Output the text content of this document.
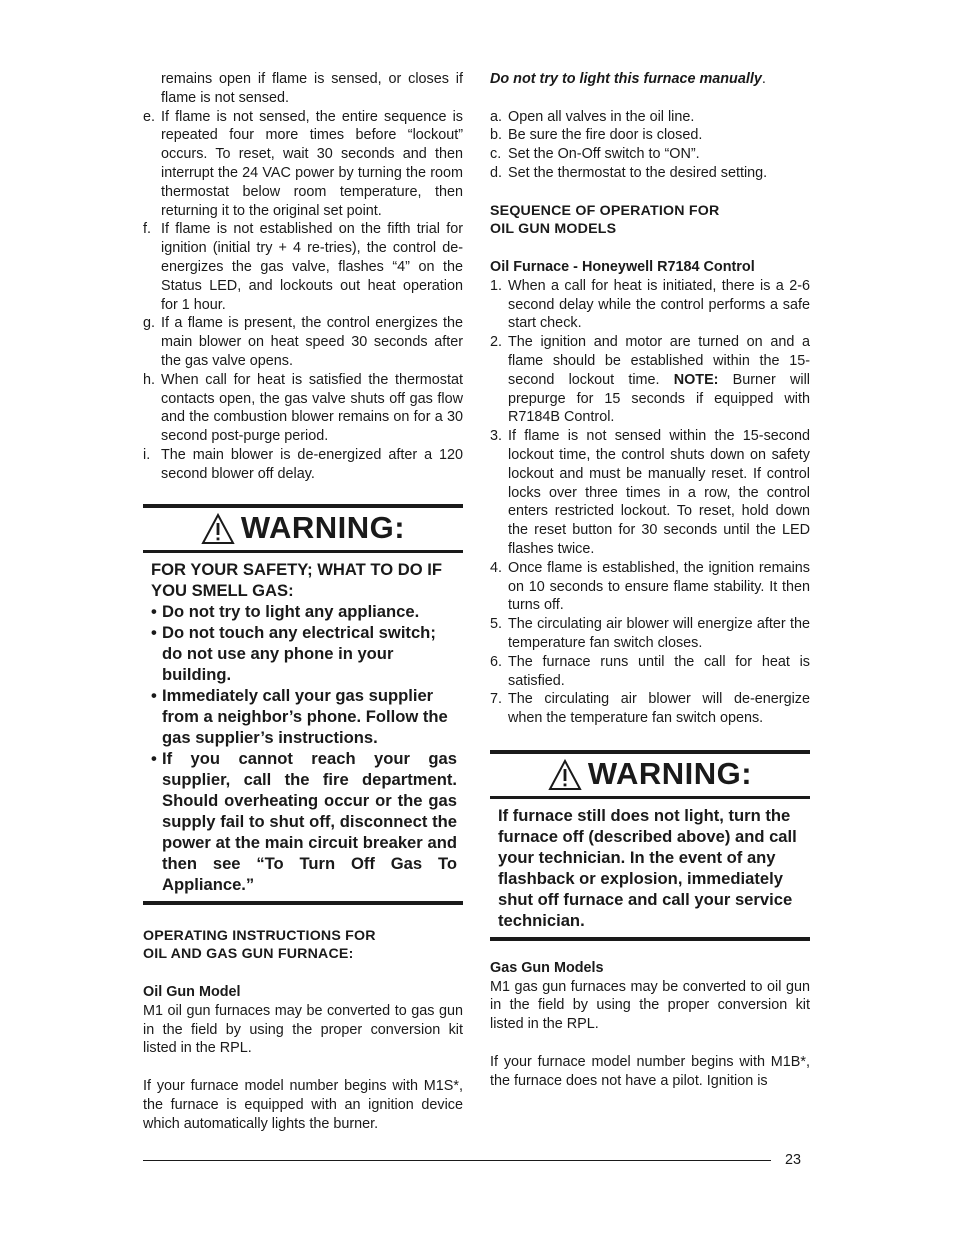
remains open if flame is sensed, or closes if flame is not sensed.

e. If flame is not sensed, the entire sequence is repeated four more times before “lockout” occurs. To reset, wait 30 seconds and then interrupt the 24 VAC power by turning the room thermostat below room temperature, then returning it to the original set point.
f. If flame is not established on the fifth trial for ignition (initial try + 4 re-tries), the control de-energizes the gas valve, flashes “4” on the Status LED, and lockouts out heat operation for 1 hour.
g. If a flame is present, the control energizes the main blower on heat speed 30 seconds after the gas valve opens.
h. When call for heat is satisfied the thermostat contacts open, the gas valve shuts off gas flow and the combustion blower remains on for a 30 second post-purge period.
i. The main blower is de-energized after a 120 second blower off delay.
WARNING:
FOR YOUR SAFETY; WHAT TO DO IF YOU SMELL GAS:
• Do not try to light any appliance.
• Do not touch any electrical switch; do not use any phone in your building.
• Immediately call your gas supplier from a neighbor’s phone. Follow the gas supplier’s instructions.
• If you cannot reach your gas supplier, call the fire department. Should overheating occur or the gas supply fail to shut off, disconnect the power at the main circuit breaker and then see “To Turn Off Gas To Appliance.”
OPERATING INSTRUCTIONS FOR
OIL AND GAS GUN FURNACE:
Oil Gun Model

M1 oil gun furnaces may be converted to gas gun in the field by using the proper conversion kit listed in the RPL.

If your furnace model number begins with M1S*, the furnace is equipped with an ignition device which automatically lights the burner.

Do not try to light this furnace manually.

a. Open all valves in the oil line.
b. Be sure the fire door is closed.
c. Set the On-Off switch to “ON”.
d. Set the thermostat to the desired setting.
SEQUENCE OF OPERATION FOR
OIL GUN MODELS
Oil Furnace - Honeywell R7184 Control
1. When a call for heat is initiated, there is a 2-6 second delay while the control performs a safe start check.
2. The ignition and motor are turned on and a flame should be established within the 15-second lockout time. NOTE: Burner will prepurge for 15 seconds if equipped with R7184B Control.
3. If flame is not sensed within the 15-second lockout time, the control shuts down on safety lockout and must be manually reset. If control locks over three times in a row, the control enters restricted lockout. To reset, hold down the reset button for 30 seconds until the LED flashes twice.
4. Once flame is established, the ignition remains on 10 seconds to ensure flame stability. It then turns off.
5. The circulating air blower will energize after the temperature fan switch closes.
6. The furnace runs until the call for heat is satisfied.
7. The circulating air blower will de-energize when the temperature fan switch opens.
WARNING:
If furnace still does not light, turn the furnace off (described above) and call your technician. In the event of any flashback or explosion, immediately shut off furnace and call your service technician.
Gas Gun Models

M1 gas gun furnaces may be converted to oil gun in the field by using the proper conversion kit listed in the RPL.

If your furnace model number begins with M1B*, the furnace does not have a pilot. Ignition is

23
